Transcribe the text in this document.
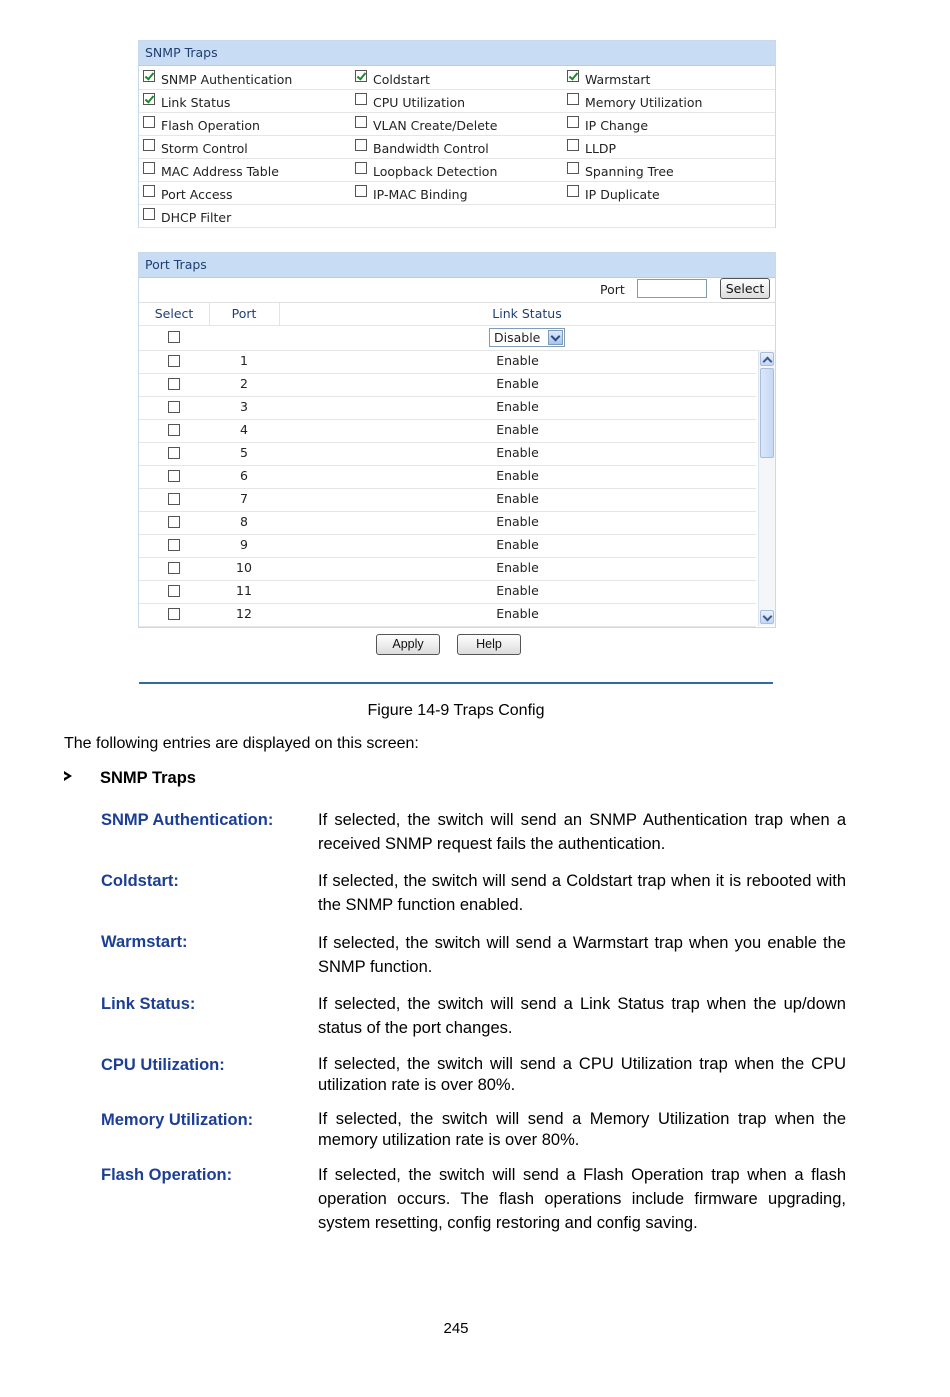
SNMP Traps
SNMP Authentication	Coldstart	Warmstart
Link Status	CPU Utilization	Memory Utilization
Flash Operation	VLAN Create/Delete	IP Change
Storm Control	Bandwidth Control	LLDP
MAC Address Table	Loopback Detection	Spanning Tree
Port Access	IP-MAC Binding	IP Duplicate
DHCP Filter
Port Traps
Port	Select
Select	Port	Link Status
Disable
1	Enable
2	Enable
3	Enable
4	Enable
5	Enable
6	Enable
7	Enable
8	Enable
9	Enable
10	Enable
11	Enable
12	Enable
Apply	Help
Figure 14-9 Traps Config
The following entries are displayed on this screen:
SNMP Traps
SNMP Authentication:	If selected, the switch will send an SNMP Authentication trap when a received SNMP request fails the authentication.
Coldstart:	If selected, the switch will send a Coldstart trap when it is rebooted with the SNMP function enabled.
Warmstart:	If selected, the switch will send a Warmstart trap when you enable the SNMP function.
Link Status:	If selected, the switch will send a Link Status trap when the up/down status of the port changes.
CPU Utilization:	If selected, the switch will send a CPU Utilization trap when the CPU utilization rate is over 80%.
Memory Utilization:	If selected, the switch will send a Memory Utilization trap when the memory utilization rate is over 80%.
Flash Operation:	If selected, the switch will send a Flash Operation trap when a flash operation occurs. The flash operations include firmware upgrading, system resetting, config restoring and config saving.
245
